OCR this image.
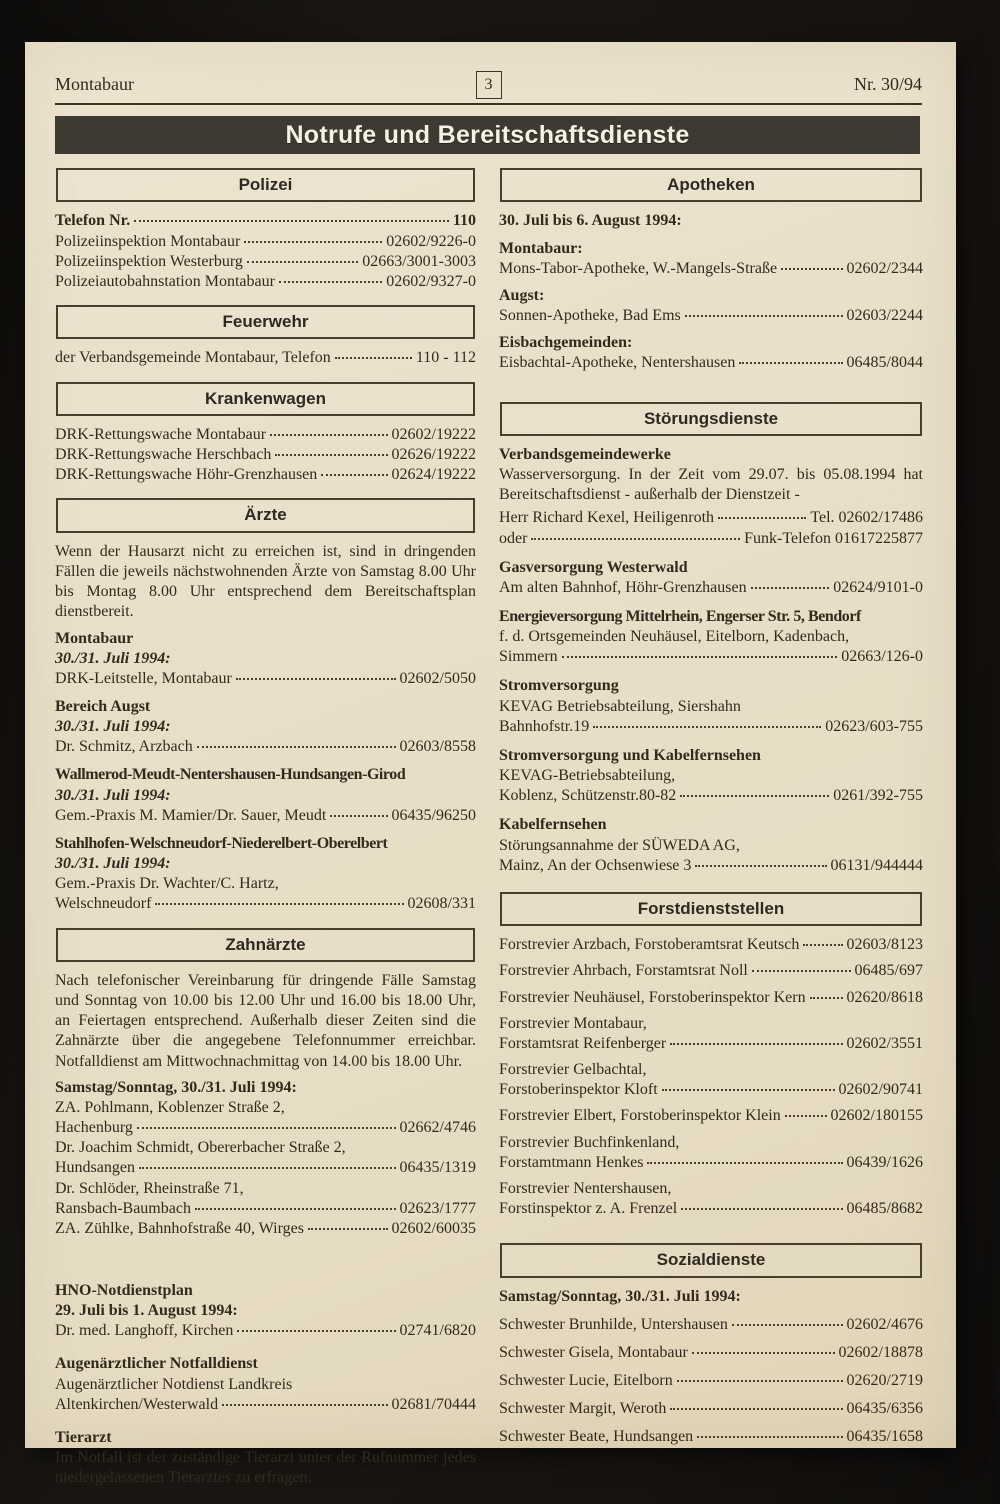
Montabaur	3	Nr. 30/94
Notrufe und Bereitschaftsdienste
Polizei
Telefon Nr.	110
Polizeiinspektion Montabaur	02602/9226-0
Polizeiinspektion Westerburg	02663/3001-3003
Polizeiautobahnstation Montabaur	02602/9327-0
Feuerwehr
der Verbandsgemeinde Montabaur, Telefon	110 - 112
Krankenwagen
DRK-Rettungswache Montabaur	02602/19222
DRK-Rettungswache Herschbach	02626/19222
DRK-Rettungswache Höhr-Grenzhausen	02624/19222
Ärzte

Wenn der Hausarzt nicht zu erreichen ist, sind in dringenden Fällen die jeweils nächstwohnenden Ärzte von Samstag 8.00 Uhr bis Montag 8.00 Uhr entsprechend dem Bereitschaftsplan dienstbereit.

Montabaur
30./31. Juli 1994:
DRK-Leitstelle, Montabaur	02602/5050
Bereich Augst
30./31. Juli 1994:
Dr. Schmitz, Arzbach	02603/8558
Wallmerod-Meudt-Nentershausen-Hundsangen-Girod
30./31. Juli 1994:
Gem.-Praxis M. Mamier/Dr. Sauer, Meudt	06435/96250
Stahlhofen-Welschneudorf-Niederelbert-Oberelbert
30./31. Juli 1994:
Gem.-Praxis Dr. Wachter/C. Hartz,
Welschneudorf	02608/331
Zahnärzte

Nach telefonischer Vereinbarung für dringende Fälle Samstag und Sonntag von 10.00 bis 12.00 Uhr und 16.00 bis 18.00 Uhr, an Feiertagen entsprechend. Außerhalb dieser Zeiten sind die Zahnärzte über die angegebene Telefonnummer erreichbar. Notfalldienst am Mittwochnachmittag von 14.00 bis 18.00 Uhr.

Samstag/Sonntag, 30./31. Juli 1994:
ZA. Pohlmann, Koblenzer Straße 2,
Hachenburg	02662/4746
Dr. Joachim Schmidt, Obererbacher Straße 2,
Hundsangen	06435/1319
Dr. Schlöder, Rheinstraße 71,
Ransbach-Baumbach	02623/1777
ZA. Zühlke, Bahnhofstraße 40, Wirges	02602/60035
HNO-Notdienstplan
29. Juli bis 1. August 1994:
Dr. med. Langhoff, Kirchen	02741/6820
Augenärztlicher Notfalldienst
Augenärztlicher Notdienst Landkreis
Altenkirchen/Westerwald	02681/70444
Tierarzt
Im Notfall ist der zuständige Tierarzt unter der Rufnummer jedes niedergelassenen Tierarztes zu erfragen.
Apotheken
30. Juli bis 6. August 1994:
Montabaur:
Mons-Tabor-Apotheke, W.-Mangels-Straße	02602/2344
Augst:
Sonnen-Apotheke, Bad Ems	02603/2244
Eisbachgemeinden:
Eisbachtal-Apotheke, Nentershausen	06485/8044
Störungsdienste
Verbandsgemeindewerke
Wasserversorgung. In der Zeit vom 29.07. bis 05.08.1994 hat Bereitschaftsdienst - außerhalb der Dienstzeit -
Herr Richard Kexel, Heiligenroth	Tel. 02602/17486
oder	Funk-Telefon 01617225877
Gasversorgung Westerwald
Am alten Bahnhof, Höhr-Grenzhausen	02624/9101-0
Energieversorgung Mittelrhein, Engerser Str. 5, Bendorf
f. d. Ortsgemeinden Neuhäusel, Eitelborn, Kadenbach,
Simmern	02663/126-0
Stromversorgung
KEVAG Betriebsabteilung, Siershahn
Bahnhofstr.19	02623/603-755
Stromversorgung und Kabelfernsehen
KEVAG-Betriebsabteilung,
Koblenz, Schützenstr.80-82	0261/392-755
Kabelfernsehen
Störungsannahme der SÜWEDA AG,
Mainz, An der Ochsenwiese 3	06131/944444
Forstdienststellen
Forstrevier Arzbach, Forstoberamtsrat Keutsch	02603/8123
Forstrevier Ahrbach, Forstamtsrat Noll	06485/697
Forstrevier Neuhäusel, Forstoberinspektor Kern	02620/8618
Forstrevier Montabaur,
Forstamtsrat Reifenberger	02602/3551
Forstrevier Gelbachtal,
Forstoberinspektor Kloft	02602/90741
Forstrevier Elbert, Forstoberinspektor Klein	02602/180155
Forstrevier Buchfinkenland,
Forstamtmann Henkes	06439/1626
Forstrevier Nentershausen,
Forstinspektor z. A. Frenzel	06485/8682
Sozialdienste
Samstag/Sonntag, 30./31. Juli 1994:
Schwester Brunhilde, Untershausen	02602/4676
Schwester Gisela, Montabaur	02602/18878
Schwester Lucie, Eitelborn	02620/2719
Schwester Margit, Weroth	06435/6356
Schwester Beate, Hundsangen	06435/1658
